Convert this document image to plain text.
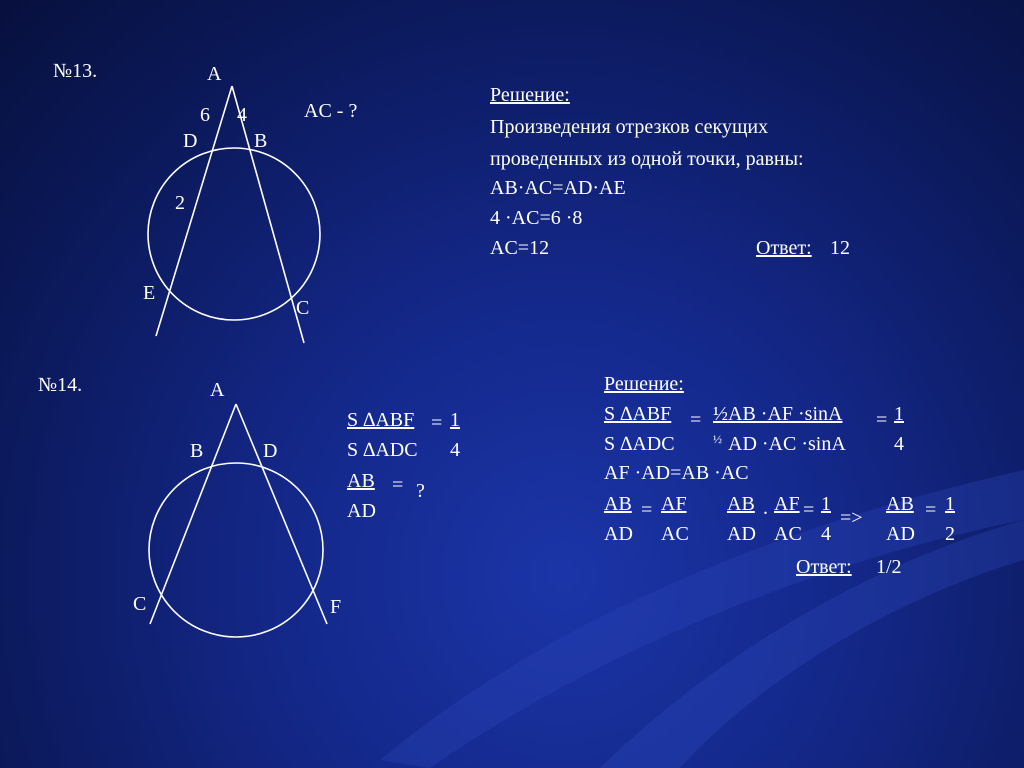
№13.	A
6 4
D	B
2
E
C
AC - ?
Решение:
Произведения отрезков секущих
проведенных из одной точки, равны:
AB·AC=AD·AE
4 ·AC=6 ·8
AC=12	Ответ: 12
№14.	A
B	D
C	F
S ∆ABF
S ∆ADC
= 1
4
AB
AD
= ?
Решение:
S ∆ABF
S ∆ADC
= ½AB ·AF ·sinA
½ AD ·AC ·sinA
= 1
4
AF ·AD=AB ·AC
AB
AD
= AF
AC
AB
AD
. AF
AC
= 1
4
=>
AB
AD
= 1
2
Ответ: 1/2
